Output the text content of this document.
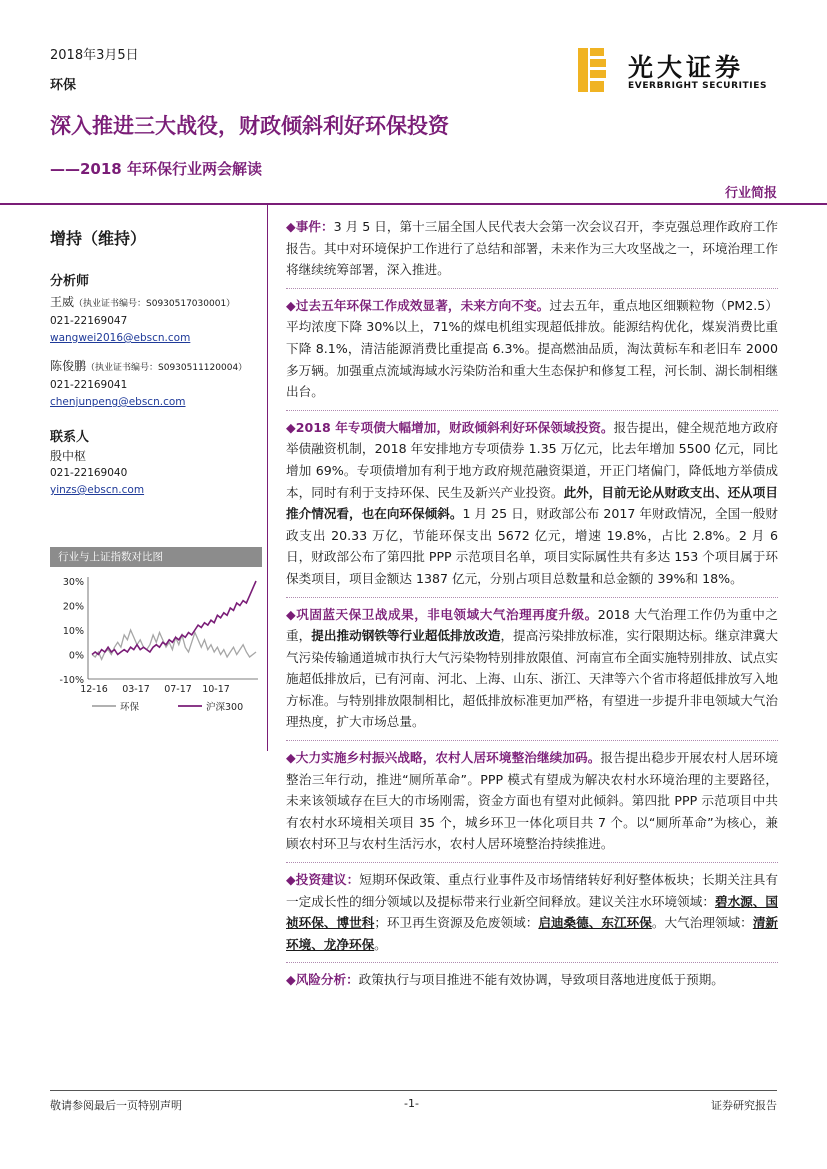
2018年3月5日
环保
光大证券
EVERBRIGHT SECURITIES
深入推进三大战役，财政倾斜利好环保投资
——2018 年环保行业两会解读
行业简报
增持（维持）
分析师
王威（执业证书编号：S0930517030001）
021-22169047
wangwei2016@ebscn.com
陈俊鹏（执业证书编号：S0930511120004）
021-22169041
chenjunpeng@ebscn.com
联系人
殷中枢
021-22169040
yinzs@ebscn.com
行业与上证指数对比图
30%
20%
10%
0%
-10%
12-16 03-17 07-17 10-17
环保	沪深300

◆事件：3 月 5 日，第十三届全国人民代表大会第一次会议召开，李克强总理作政府工作报告。其中对环境保护工作进行了总结和部署，未来作为三大攻坚战之一，环境治理工作将继续统筹部署，深入推进。

◆过去五年环保工作成效显著，未来方向不变。过去五年，重点地区细颗粒物（PM2.5）平均浓度下降 30%以上，71%的煤电机组实现超低排放。能源结构优化，煤炭消费比重下降 8.1%，清洁能源消费比重提高 6.3%。提高燃油品质，淘汰黄标车和老旧车 2000 多万辆。加强重点流域海域水污染防治和重大生态保护和修复工程，河长制、湖长制相继出台。

◆2018 年专项债大幅增加，财政倾斜利好环保领域投资。报告提出，健全规范地方政府举债融资机制，2018 年安排地方专项债券 1.35 万亿元，比去年增加 5500 亿元，同比增加 69%。专项债增加有利于地方政府规范融资渠道，开正门堵偏门，降低地方举债成本，同时有利于支持环保、民生及新兴产业投资。此外，目前无论从财政支出、还从项目推介情况看，也在向环保倾斜。1 月 25 日，财政部公布 2017 年财政情况，全国一般财政支出 20.33 万亿，节能环保支出 5672 亿元，增速 19.8%，占比 2.8%。2 月 6 日，财政部公布了第四批 PPP 示范项目名单，项目实际属性共有多达 153 个项目属于环保类项目，项目金额达 1387 亿元，分别占项目总数量和总金额的 39%和 18%。

◆巩固蓝天保卫战成果，非电领域大气治理再度升级。2018 大气治理工作仍为重中之重，提出推动钢铁等行业超低排放改造，提高污染排放标准，实行限期达标。继京津冀大气污染传输通道城市执行大气污染物特别排放限值、河南宣布全面实施特别排放、试点实施超低排放后，已有河南、河北、上海、山东、浙江、天津等六个省市将超低排放写入地方标准。与特别排放限制相比，超低排放标准更加严格，有望进一步提升非电领域大气治理热度，扩大市场总量。

◆大力实施乡村振兴战略，农村人居环境整治继续加码。报告提出稳步开展农村人居环境整治三年行动，推进“厕所革命”。PPP 模式有望成为解决农村水环境治理的主要路径，未来该领域存在巨大的市场刚需，资金方面也有望对此倾斜。第四批 PPP 示范项目中共有农村水环境相关项目 35 个，城乡环卫一体化项目共 7 个。以“厕所革命”为核心，兼顾农村环卫与农村生活污水，农村人居环境整治持续推进。

◆投资建议：短期环保政策、重点行业事件及市场情绪转好利好整体板块；长期关注具有一定成长性的细分领域以及提标带来行业新空间释放。建议关注水环境领域：碧水源、国祯环保、博世科；环卫再生资源及危废领域：启迪桑德、东江环保。大气治理领域：清新环境、龙净环保。

◆风险分析：政策执行与项目推进不能有效协调，导致项目落地进度低于预期。

敬请参阅最后一页特别声明	-1-	证券研究报告
